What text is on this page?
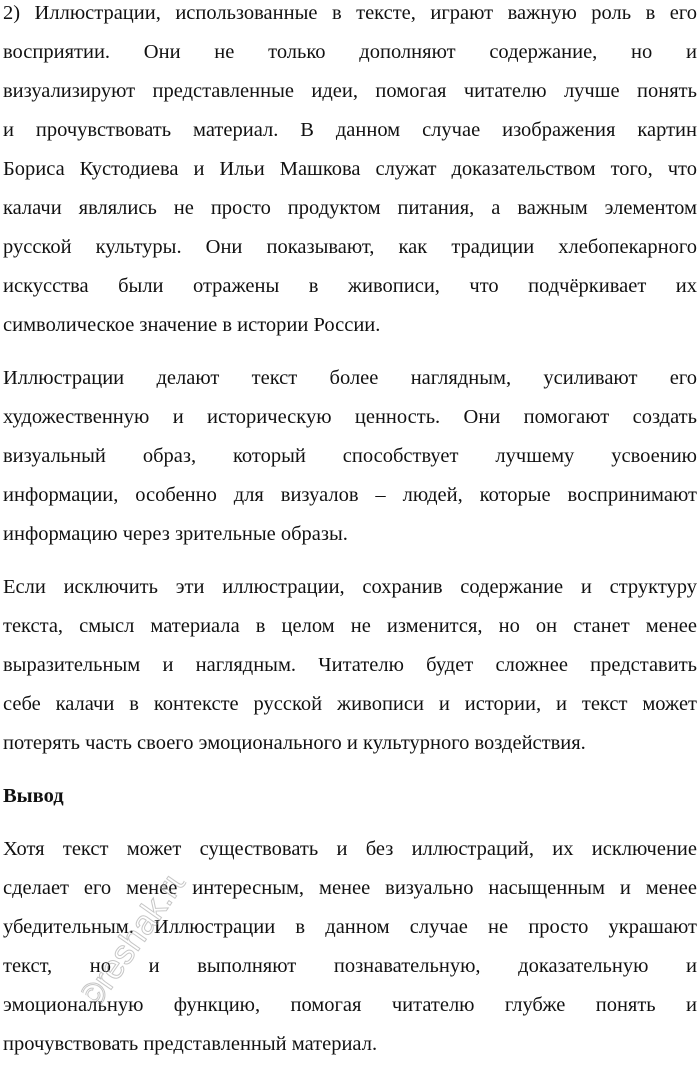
2) Иллюстрации, использованные в тексте, играют важную роль в его
восприятии. Они не только дополняют содержание, но и
визуализируют представленные идеи, помогая читателю лучше понять
и прочувствовать материал. В данном случае изображения картин
Бориса Кустодиева и Ильи Машкова служат доказательством того, что
калачи являлись не просто продуктом питания, а важным элементом
русской культуры. Они показывают, как традиции хлебопекарного
искусства были отражены в живописи, что подчёркивает их
символическое значение в истории России.
Иллюстрации делают текст более наглядным, усиливают его
художественную и историческую ценность. Они помогают создать
визуальный образ, который способствует лучшему усвоению
информации, особенно для визуалов – людей, которые воспринимают
информацию через зрительные образы.
Если исключить эти иллюстрации, сохранив содержание и структуру
текста, смысл материала в целом не изменится, но он станет менее
выразительным и наглядным. Читателю будет сложнее представить
себе калачи в контексте русской живописи и истории, и текст может
потерять часть своего эмоционального и культурного воздействия.
Вывод
Хотя текст может существовать и без иллюстраций, их исключение
сделает его менее интересным, менее визуально насыщенным и менее
убедительным. Иллюстрации в данном случае не просто украшают
текст, но и выполняют познавательную, доказательную и
эмоциональную функцию, помогая читателю глубже понять и
прочувствовать представленный материал.
©reshak.ru
